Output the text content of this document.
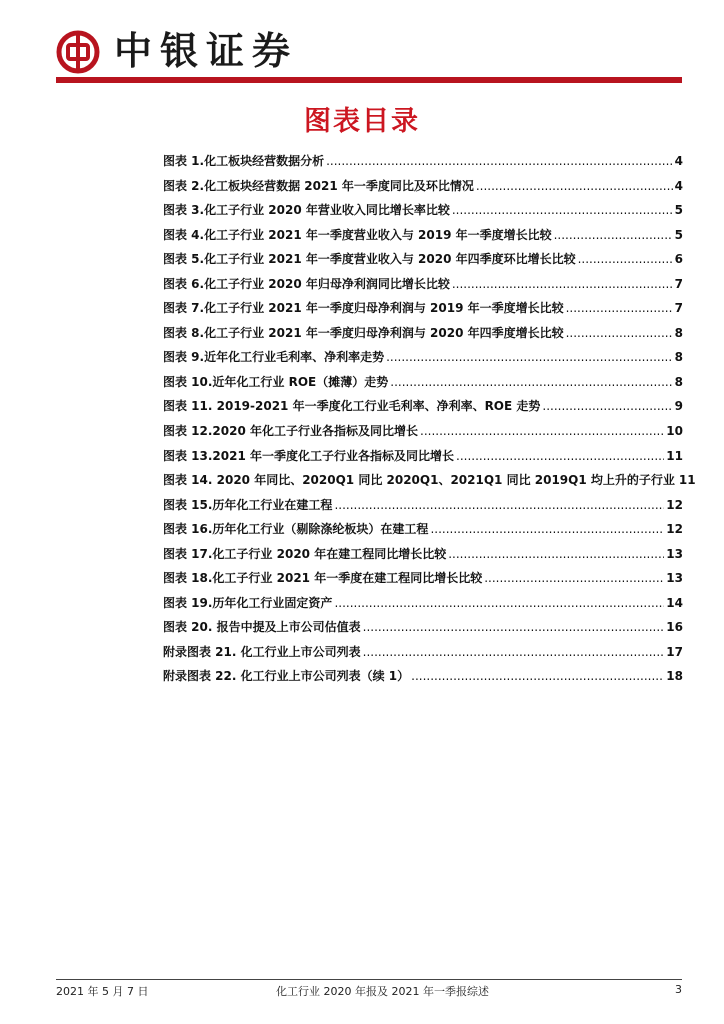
中银证券
图表目录
图表 1.化工板块经营数据分析 .....	4
图表 2.化工板块经营数据 2021 年一季度同比及环比情况 .....	4
图表 3.化工子行业 2020 年营业收入同比增长率比较 .....	5
图表 4.化工子行业 2021 年一季度营业收入与 2019 年一季度增长比较 .....	5
图表 5.化工子行业 2021 年一季度营业收入与 2020 年四季度环比增长比较 .....	6
图表 6.化工子行业 2020 年归母净利润同比增长比较 .....	7
图表 7.化工子行业 2021 年一季度归母净利润与 2019 年一季度增长比较 .....	7
图表 8.化工子行业 2021 年一季度归母净利润与 2020 年四季度增长比较 .....	8
图表 9.近年化工行业毛利率、净利率走势 .....	8
图表 10.近年化工行业 ROE（摊薄）走势 .....	8
图表 11. 2019-2021 年一季度化工行业毛利率、净利率、ROE 走势 .....	9
图表 12.2020 年化工子行业各指标及同比增长 .....	10
图表 13.2021 年一季度化工子行业各指标及同比增长 .....	11
图表 14. 2020 年同比、2020Q1 同比 2020Q1、2021Q1 同比 2019Q1 均上升的子行业 11
图表 15.历年化工行业在建工程 .....	12
图表 16.历年化工行业（剔除涤纶板块）在建工程 .....	12
图表 17.化工子行业 2020 年在建工程同比增长比较 .....	13
图表 18.化工子行业 2021 年一季度在建工程同比增长比较 .....	13
图表 19.历年化工行业固定资产 .....	14
图表 20. 报告中提及上市公司估值表 .....	16
附录图表 21. 化工行业上市公司列表 .....	17
附录图表 22. 化工行业上市公司列表（续 1） .....	18
2021 年 5 月 7 日	化工行业 2020 年报及 2021 年一季报综述	3
